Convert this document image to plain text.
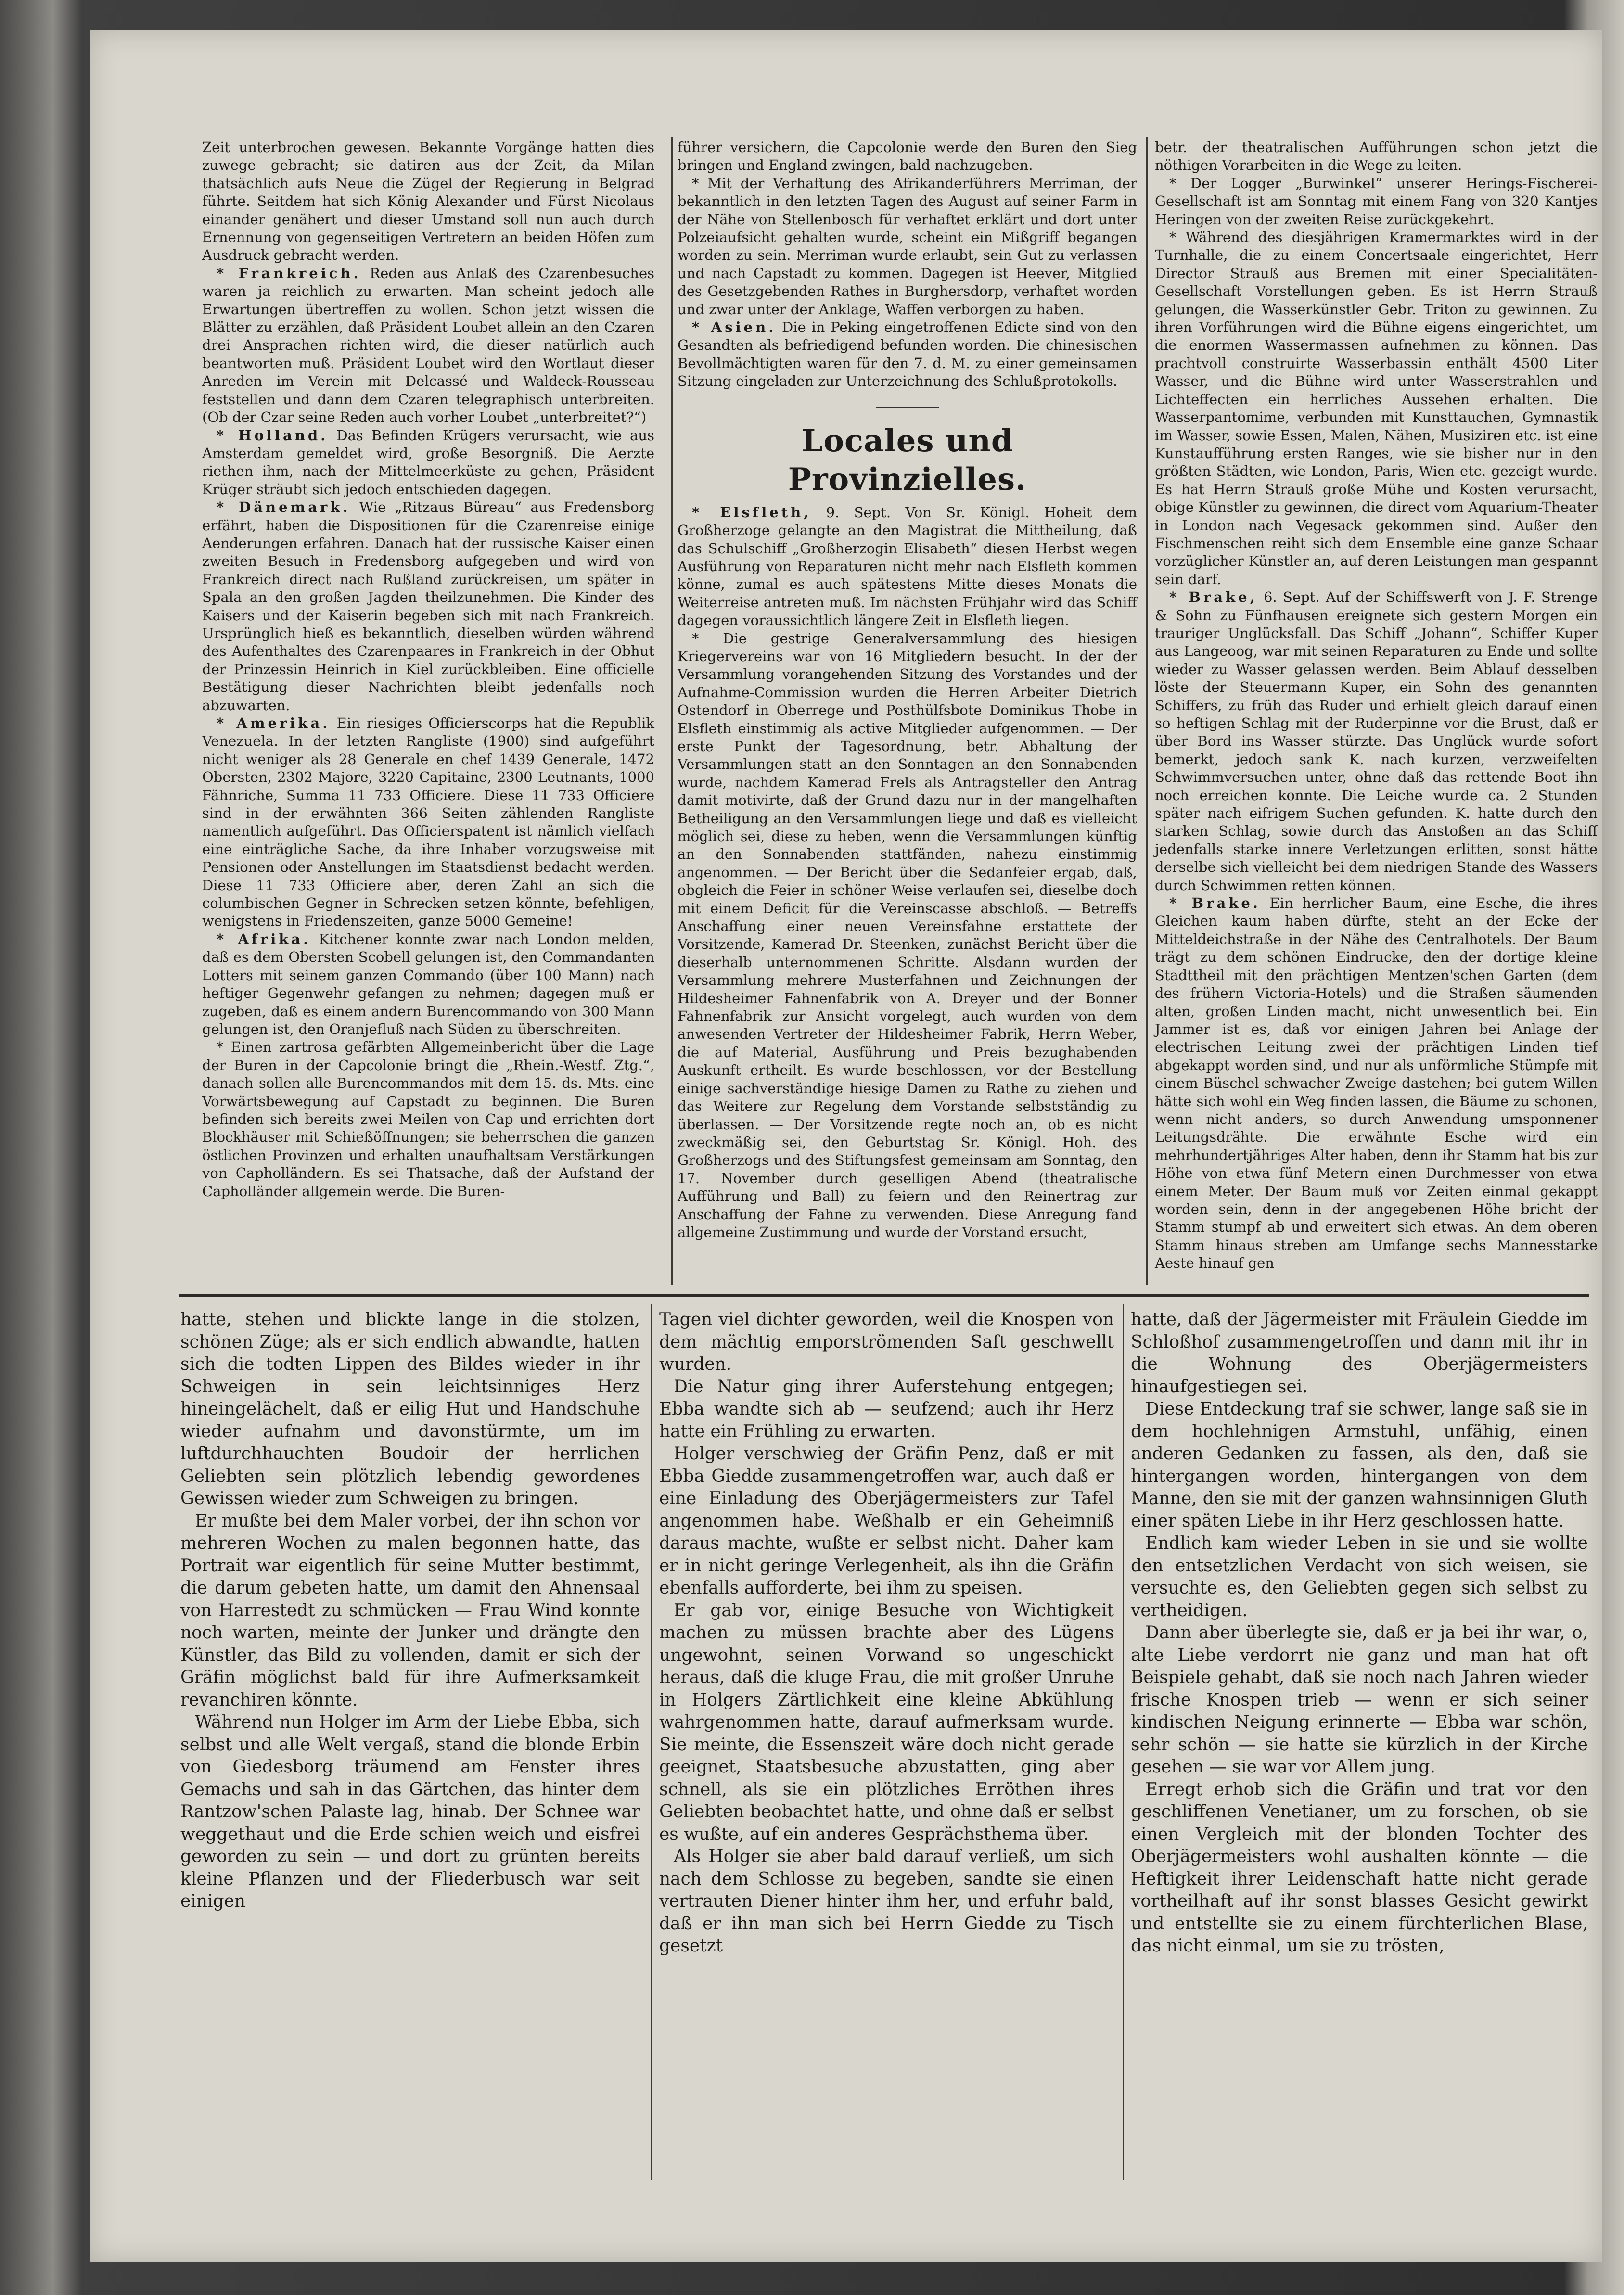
Zeit unterbrochen gewesen. Bekannte Vorgänge hatten dies zuwege gebracht; sie datiren aus der Zeit, da Milan thatsächlich aufs Neue die Zügel der Regierung in Belgrad führte. Seitdem hat sich König Alexander und Fürst Nicolaus einander genähert und dieser Umstand soll nun auch durch Ernennung von gegenseitigen Vertretern an beiden Höfen zum Ausdruck gebracht werden.

* Frankreich. Reden aus Anlaß des Czarenbesuches waren ja reichlich zu erwarten. Man scheint jedoch alle Erwartungen übertreffen zu wollen. Schon jetzt wissen die Blätter zu erzählen, daß Präsident Loubet allein an den Czaren drei Ansprachen richten wird, die dieser natürlich auch beantworten muß. Präsident Loubet wird den Wortlaut dieser Anreden im Verein mit Delcassé und Waldeck-Rousseau feststellen und dann dem Czaren telegraphisch unterbreiten. (Ob der Czar seine Reden auch vorher Loubet „unterbreitet?“)

* Holland. Das Befinden Krügers verursacht, wie aus Amsterdam gemeldet wird, große Besorgniß. Die Aerzte riethen ihm, nach der Mittelmeerküste zu gehen, Präsident Krüger sträubt sich jedoch entschieden dagegen.

* Dänemark. Wie „Ritzaus Büreau“ aus Fredensborg erfährt, haben die Dispositionen für die Czarenreise einige Aenderungen erfahren. Danach hat der russische Kaiser einen zweiten Besuch in Fredensborg aufgegeben und wird von Frankreich direct nach Rußland zurückreisen, um später in Spala an den großen Jagden theilzunehmen. Die Kinder des Kaisers und der Kaiserin begeben sich mit nach Frankreich. Ursprünglich hieß es bekanntlich, dieselben würden während des Aufenthaltes des Czarenpaares in Frankreich in der Obhut der Prinzessin Heinrich in Kiel zurückbleiben. Eine officielle Bestätigung dieser Nachrichten bleibt jedenfalls noch abzuwarten.

* Amerika. Ein riesiges Officierscorps hat die Republik Venezuela. In der letzten Rangliste (1900) sind aufgeführt nicht weniger als 28 Generale en chef 1439 Generale, 1472 Obersten, 2302 Majore, 3220 Capitaine, 2300 Leutnants, 1000 Fähnriche, Summa 11 733 Officiere. Diese 11 733 Officiere sind in der erwähnten 366 Seiten zählenden Rangliste namentlich aufgeführt. Das Officierspatent ist nämlich vielfach eine einträgliche Sache, da ihre Inhaber vorzugsweise mit Pensionen oder Anstellungen im Staatsdienst bedacht werden. Diese 11 733 Officiere aber, deren Zahl an sich die columbischen Gegner in Schrecken setzen könnte, befehligen, wenigstens in Friedenszeiten, ganze 5000 Gemeine!

* Afrika. Kitchener konnte zwar nach London melden, daß es dem Obersten Scobell gelungen ist, den Commandanten Lotters mit seinem ganzen Commando (über 100 Mann) nach heftiger Gegenwehr gefangen zu nehmen; dagegen muß er zugeben, daß es einem andern Burencommando von 300 Mann gelungen ist, den Oranjefluß nach Süden zu überschreiten.

* Einen zartrosa gefärbten Allgemeinbericht über die Lage der Buren in der Capcolonie bringt die „Rhein.-Westf. Ztg.“, danach sollen alle Burencommandos mit dem 15. ds. Mts. eine Vorwärtsbewegung auf Capstadt zu beginnen. Die Buren befinden sich bereits zwei Meilen von Cap und errichten dort Blockhäuser mit Schießöffnungen; sie beherrschen die ganzen östlichen Provinzen und erhalten unaufhaltsam Verstärkungen von Capholländern. Es sei Thatsache, daß der Aufstand der Capholländer allgemein werde. Die Buren-

führer versichern, die Capcolonie werde den Buren den Sieg bringen und England zwingen, bald nachzugeben.

* Mit der Verhaftung des Afrikanderführers Merriman, der bekanntlich in den letzten Tagen des August auf seiner Farm in der Nähe von Stellenbosch für verhaftet erklärt und dort unter Polzeiaufsicht gehalten wurde, scheint ein Mißgriff begangen worden zu sein. Merriman wurde erlaubt, sein Gut zu verlassen und nach Capstadt zu kommen. Dagegen ist Heever, Mitglied des Gesetzgebenden Rathes in Burghersdorp, verhaftet worden und zwar unter der Anklage, Waffen verborgen zu haben.

* Asien. Die in Peking eingetroffenen Edicte sind von den Gesandten als befriedigend befunden worden. Die chinesischen Bevollmächtigten waren für den 7. d. M. zu einer gemeinsamen Sitzung eingeladen zur Unterzeichnung des Schlußprotokolls.

Locales und Provinzielles.

* Elsfleth, 9. Sept. Von Sr. Königl. Hoheit dem Großherzoge gelangte an den Magistrat die Mittheilung, daß das Schulschiff „Großherzogin Elisabeth“ diesen Herbst wegen Ausführung von Reparaturen nicht mehr nach Elsfleth kommen könne, zumal es auch spätestens Mitte dieses Monats die Weiterreise antreten muß. Im nächsten Frühjahr wird das Schiff dagegen voraussichtlich längere Zeit in Elsfleth liegen.

* Die gestrige Generalversammlung des hiesigen Kriegervereins war von 16 Mitgliedern besucht. In der der Versammlung vorangehenden Sitzung des Vorstandes und der Aufnahme-Commission wurden die Herren Arbeiter Dietrich Ostendorf in Oberrege und Posthülfsbote Dominikus Thobe in Elsfleth einstimmig als active Mitglieder aufgenommen. — Der erste Punkt der Tagesordnung, betr. Abhaltung der Versammlungen statt an den Sonntagen an den Sonnabenden wurde, nachdem Kamerad Frels als Antragsteller den Antrag damit motivirte, daß der Grund dazu nur in der mangelhaften Betheiligung an den Versammlungen liege und daß es vielleicht möglich sei, diese zu heben, wenn die Versammlungen künftig an den Sonnabenden stattfänden, nahezu einstimmig angenommen. — Der Bericht über die Sedanfeier ergab, daß, obgleich die Feier in schöner Weise verlaufen sei, dieselbe doch mit einem Deficit für die Vereinscasse abschloß. — Betreffs Anschaffung einer neuen Vereinsfahne erstattete der Vorsitzende, Kamerad Dr. Steenken, zunächst Bericht über die dieserhalb unternommenen Schritte. Alsdann wurden der Versammlung mehrere Musterfahnen und Zeichnungen der Hildesheimer Fahnenfabrik von A. Dreyer und der Bonner Fahnenfabrik zur Ansicht vorgelegt, auch wurden von dem anwesenden Vertreter der Hildesheimer Fabrik, Herrn Weber, die auf Material, Ausführung und Preis bezughabenden Auskunft ertheilt. Es wurde beschlossen, vor der Bestellung einige sachverständige hiesige Damen zu Rathe zu ziehen und das Weitere zur Regelung dem Vorstande selbstständig zu überlassen. — Der Vorsitzende regte noch an, ob es nicht zweckmäßig sei, den Geburtstag Sr. Königl. Hoh. des Großherzogs und des Stiftungsfest gemeinsam am Sonntag, den 17. November durch geselligen Abend (theatralische Aufführung und Ball) zu feiern und den Reinertrag zur Anschaffung der Fahne zu verwenden. Diese Anregung fand allgemeine Zustimmung und wurde der Vorstand ersucht,

betr. der theatralischen Aufführungen schon jetzt die nöthigen Vorarbeiten in die Wege zu leiten.

* Der Logger „Burwinkel“ unserer Herings-Fischerei-Gesellschaft ist am Sonntag mit einem Fang von 320 Kantjes Heringen von der zweiten Reise zurückgekehrt.

* Während des diesjährigen Kramermarktes wird in der Turnhalle, die zu einem Concertsaale eingerichtet, Herr Director Strauß aus Bremen mit einer Specialitäten-Gesellschaft Vorstellungen geben. Es ist Herrn Strauß gelungen, die Wasserkünstler Gebr. Triton zu gewinnen. Zu ihren Vorführungen wird die Bühne eigens eingerichtet, um die enormen Wassermassen aufnehmen zu können. Das prachtvoll construirte Wasserbassin enthält 4500 Liter Wasser, und die Bühne wird unter Wasserstrahlen und Lichteffecten ein herrliches Aussehen erhalten. Die Wasserpantomime, verbunden mit Kunsttauchen, Gymnastik im Wasser, sowie Essen, Malen, Nähen, Musiziren etc. ist eine Kunstaufführung ersten Ranges, wie sie bisher nur in den größten Städten, wie London, Paris, Wien etc. gezeigt wurde. Es hat Herrn Strauß große Mühe und Kosten verursacht, obige Künstler zu gewinnen, die direct vom Aquarium-Theater in London nach Vegesack gekommen sind. Außer den Fischmenschen reiht sich dem Ensemble eine ganze Schaar vorzüglicher Künstler an, auf deren Leistungen man gespannt sein darf.

* Brake, 6. Sept. Auf der Schiffswerft von J. F. Strenge & Sohn zu Fünfhausen ereignete sich gestern Morgen ein trauriger Unglücksfall. Das Schiff „Johann“, Schiffer Kuper aus Langeoog, war mit seinen Reparaturen zu Ende und sollte wieder zu Wasser gelassen werden. Beim Ablauf desselben löste der Steuermann Kuper, ein Sohn des genannten Schiffers, zu früh das Ruder und erhielt gleich darauf einen so heftigen Schlag mit der Ruderpinne vor die Brust, daß er über Bord ins Wasser stürzte. Das Unglück wurde sofort bemerkt, jedoch sank K. nach kurzen, verzweifelten Schwimmversuchen unter, ohne daß das rettende Boot ihn noch erreichen konnte. Die Leiche wurde ca. 2 Stunden später nach eifrigem Suchen gefunden. K. hatte durch den starken Schlag, sowie durch das Anstoßen an das Schiff jedenfalls starke innere Verletzungen erlitten, sonst hätte derselbe sich vielleicht bei dem niedrigen Stande des Wassers durch Schwimmen retten können.

* Brake. Ein herrlicher Baum, eine Esche, die ihres Gleichen kaum haben dürfte, steht an der Ecke der Mitteldeichstraße in der Nähe des Centralhotels. Der Baum trägt zu dem schönen Eindrucke, den der dortige kleine Stadttheil mit den prächtigen Mentzen'schen Garten (dem des frühern Victoria-Hotels) und die Straßen säumenden alten, großen Linden macht, nicht unwesentlich bei. Ein Jammer ist es, daß vor einigen Jahren bei Anlage der electrischen Leitung zwei der prächtigen Linden tief abgekappt worden sind, und nur als unförmliche Stümpfe mit einem Büschel schwacher Zweige dastehen; bei gutem Willen hätte sich wohl ein Weg finden lassen, die Bäume zu schonen, wenn nicht anders, so durch Anwendung umsponnener Leitungsdrähte. Die erwähnte Esche wird ein mehrhundertjähriges Alter haben, denn ihr Stamm hat bis zur Höhe von etwa fünf Metern einen Durchmesser von etwa einem Meter. Der Baum muß vor Zeiten einmal gekappt worden sein, denn in der angegebenen Höhe bricht der Stamm stumpf ab und erweitert sich etwas. An dem oberen Stamm hinaus streben am Umfange sechs Mannesstarke Aeste hinauf gen

hatte, stehen und blickte lange in die stolzen, schönen Züge; als er sich endlich abwandte, hatten sich die todten Lippen des Bildes wieder in ihr Schweigen in sein leichtsinniges Herz hineingelächelt, daß er eilig Hut und Handschuhe wieder aufnahm und davonstürmte, um im luftdurchhauchten Boudoir der herrlichen Geliebten sein plötzlich lebendig gewordenes Gewissen wieder zum Schweigen zu bringen.

Er mußte bei dem Maler vorbei, der ihn schon vor mehreren Wochen zu malen begonnen hatte, das Portrait war eigentlich für seine Mutter bestimmt, die darum gebeten hatte, um damit den Ahnensaal von Harrestedt zu schmücken — Frau Wind konnte noch warten, meinte der Junker und drängte den Künstler, das Bild zu vollenden, damit er sich der Gräfin möglichst bald für ihre Aufmerksamkeit revanchiren könnte.

Während nun Holger im Arm der Liebe Ebba, sich selbst und alle Welt vergaß, stand die blonde Erbin von Giedesborg träumend am Fenster ihres Gemachs und sah in das Gärtchen, das hinter dem Rantzow'schen Palaste lag, hinab. Der Schnee war weggethaut und die Erde schien weich und eisfrei geworden zu sein — und dort zu grünten bereits kleine Pflanzen und der Fliederbusch war seit einigen

Tagen viel dichter geworden, weil die Knospen von dem mächtig emporströmenden Saft geschwellt wurden.

Die Natur ging ihrer Auferstehung entgegen; Ebba wandte sich ab — seufzend; auch ihr Herz hatte ein Frühling zu erwarten.

Holger verschwieg der Gräfin Penz, daß er mit Ebba Giedde zusammengetroffen war, auch daß er eine Einladung des Oberjägermeisters zur Tafel angenommen habe. Weßhalb er ein Geheimniß daraus machte, wußte er selbst nicht. Daher kam er in nicht geringe Verlegenheit, als ihn die Gräfin ebenfalls aufforderte, bei ihm zu speisen.

Er gab vor, einige Besuche von Wichtigkeit machen zu müssen brachte aber des Lügens ungewohnt, seinen Vorwand so ungeschickt heraus, daß die kluge Frau, die mit großer Unruhe in Holgers Zärtlichkeit eine kleine Abkühlung wahrgenommen hatte, darauf aufmerksam wurde. Sie meinte, die Essenszeit wäre doch nicht gerade geeignet, Staatsbesuche abzustatten, ging aber schnell, als sie ein plötzliches Erröthen ihres Geliebten beobachtet hatte, und ohne daß er selbst es wußte, auf ein anderes Gesprächsthema über.

Als Holger sie aber bald darauf verließ, um sich nach dem Schlosse zu begeben, sandte sie einen vertrauten Diener hinter ihm her, und erfuhr bald, daß er ihn man sich bei Herrn Giedde zu Tisch gesetzt

hatte, daß der Jägermeister mit Fräulein Giedde im Schloßhof zusammengetroffen und dann mit ihr in die Wohnung des Oberjägermeisters hinaufgestiegen sei.

Diese Entdeckung traf sie schwer, lange saß sie in dem hochlehnigen Armstuhl, unfähig, einen anderen Gedanken zu fassen, als den, daß sie hintergangen worden, hintergangen von dem Manne, den sie mit der ganzen wahnsinnigen Gluth einer späten Liebe in ihr Herz geschlossen hatte.

Endlich kam wieder Leben in sie und sie wollte den entsetzlichen Verdacht von sich weisen, sie versuchte es, den Geliebten gegen sich selbst zu vertheidigen.

Dann aber überlegte sie, daß er ja bei ihr war, o, alte Liebe verdorrt nie ganz und man hat oft Beispiele gehabt, daß sie noch nach Jahren wieder frische Knospen trieb — wenn er sich seiner kindischen Neigung erinnerte — Ebba war schön, sehr schön — sie hatte sie kürzlich in der Kirche gesehen — sie war vor Allem jung.

Erregt erhob sich die Gräfin und trat vor den geschliffenen Venetianer, um zu forschen, ob sie einen Vergleich mit der blonden Tochter des Oberjägermeisters wohl aushalten könnte — die Heftigkeit ihrer Leidenschaft hatte nicht gerade vortheilhaft auf ihr sonst blasses Gesicht gewirkt und entstellte sie zu einem fürchterlichen Blase, das nicht einmal, um sie zu trösten,
